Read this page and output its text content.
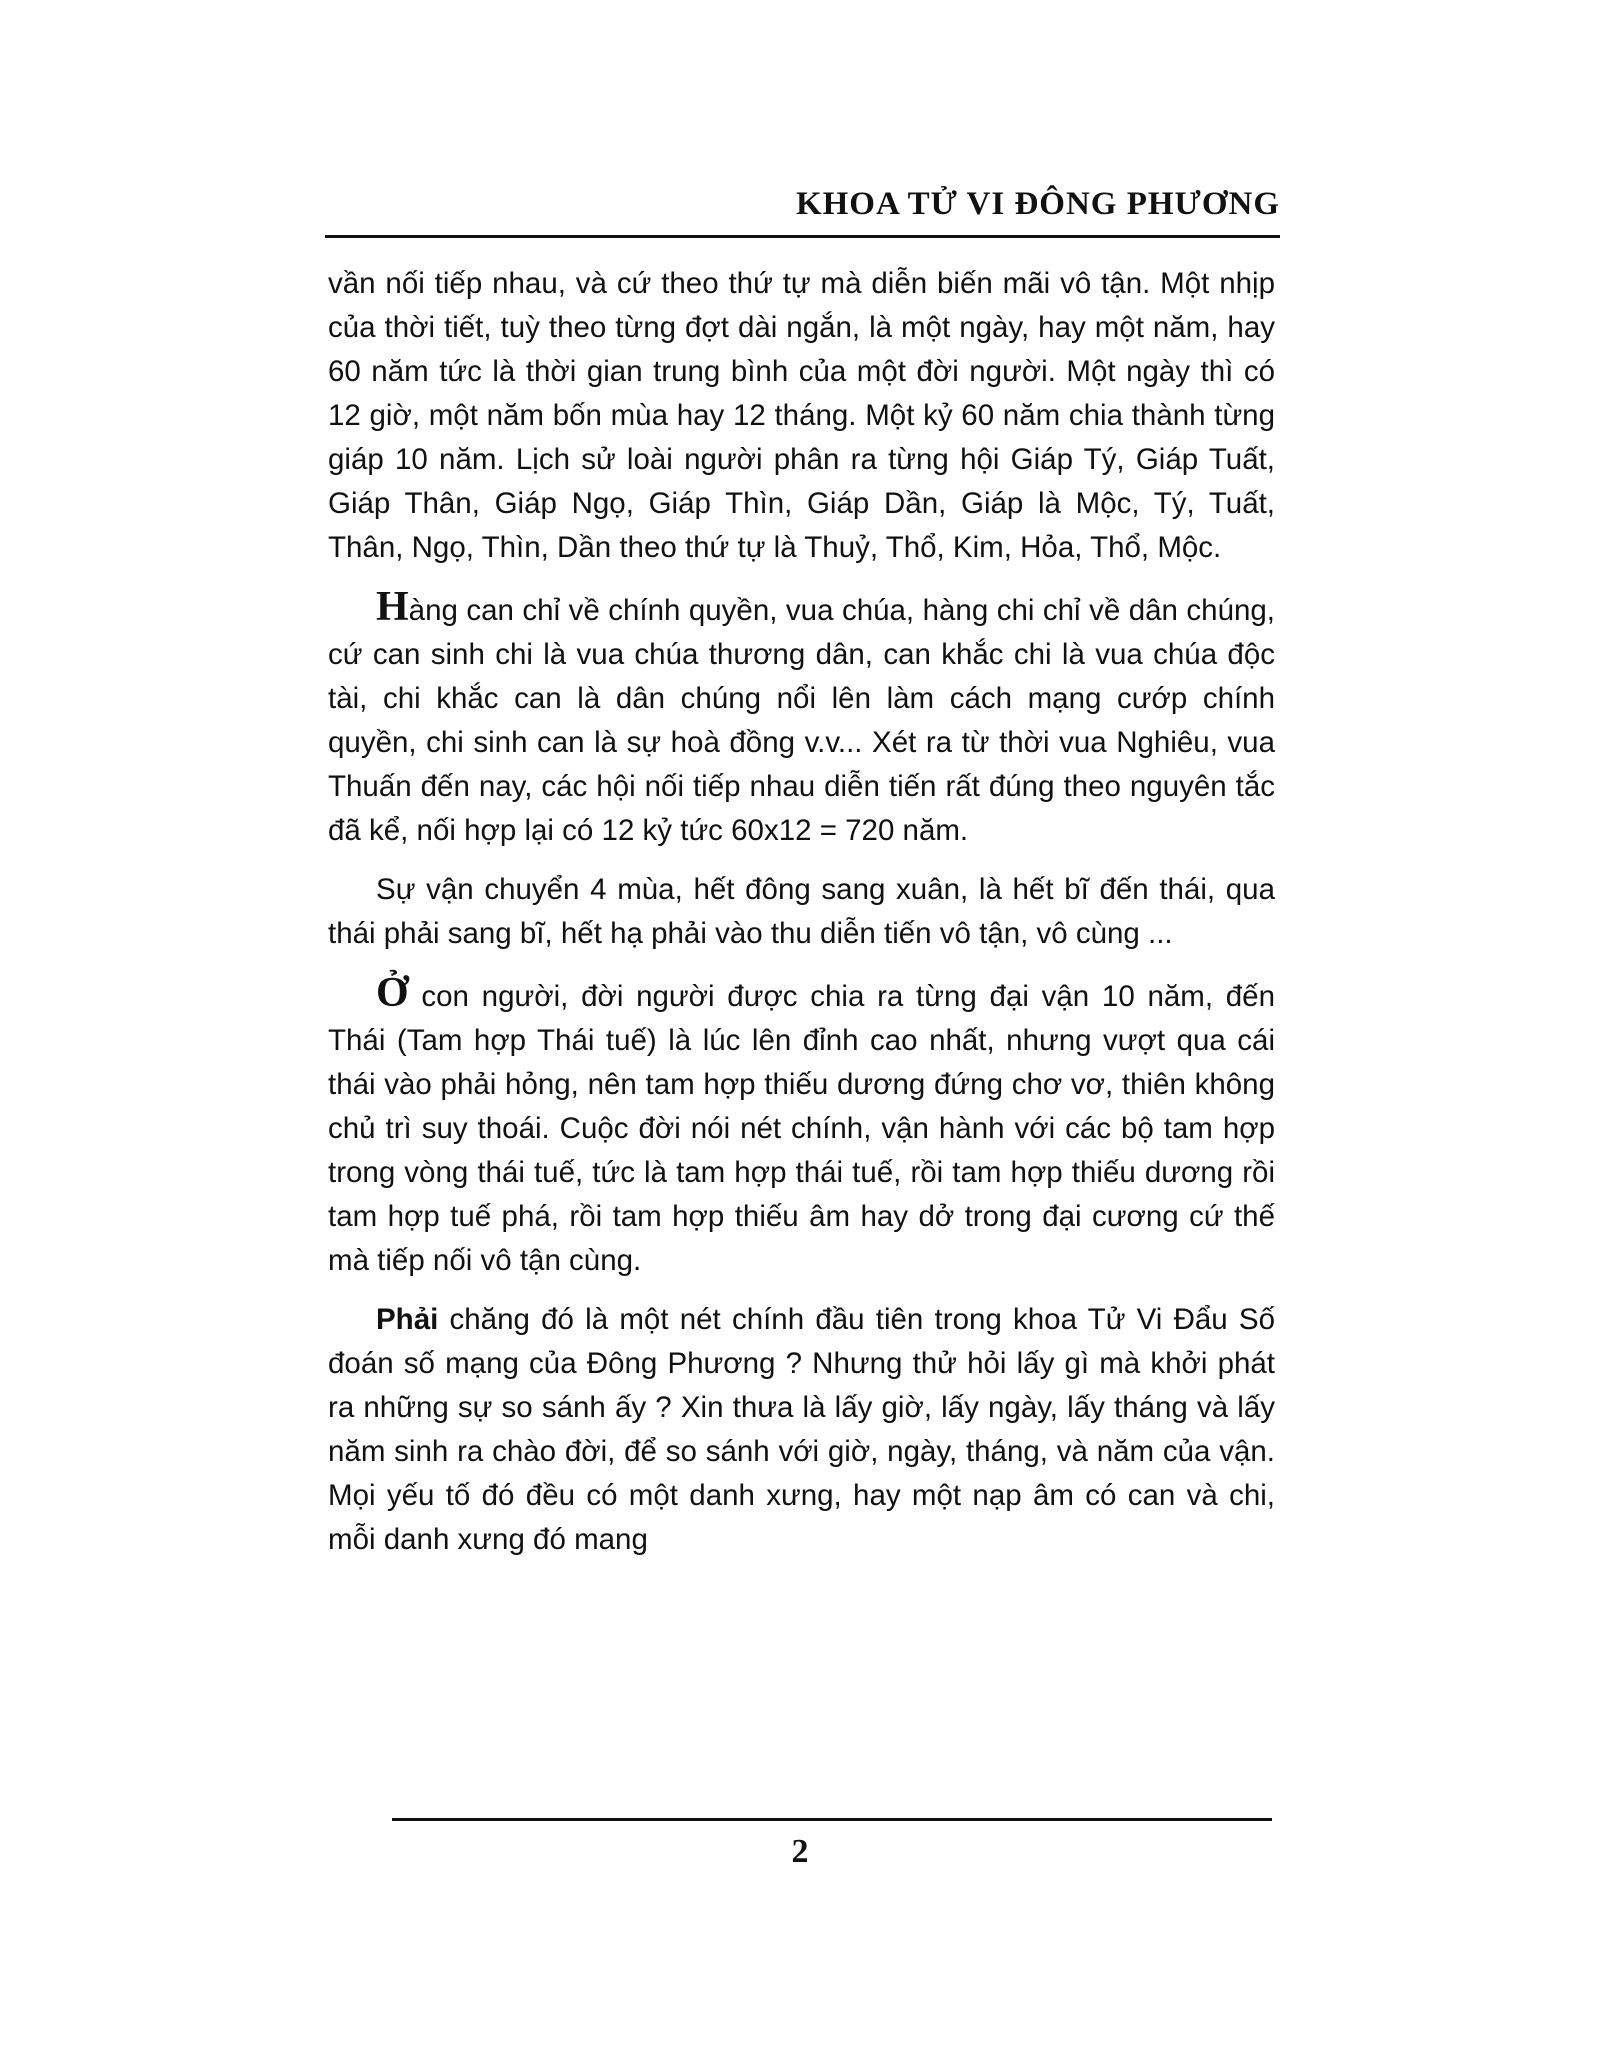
KHOA TỬ VI ĐÔNG PHƯƠNG

vần nối tiếp nhau, và cứ theo thứ tự mà diễn biến mãi vô tận. Một nhịp của thời tiết, tuỳ theo từng đợt dài ngắn, là một ngày, hay một năm, hay 60 năm tức là thời gian trung bình của một đời người. Một ngày thì có 12 giờ, một năm bốn mùa hay 12 tháng. Một kỷ 60 năm chia thành từng giáp 10 năm. Lịch sử loài người phân ra từng hội Giáp Tý, Giáp Tuất, Giáp Thân, Giáp Ngọ, Giáp Thìn, Giáp Dần, Giáp là Mộc, Tý, Tuất, Thân, Ngọ, Thìn, Dần theo thứ tự là Thuỷ, Thổ, Kim, Hỏa, Thổ, Mộc.

Hàng can chỉ về chính quyền, vua chúa, hàng chi chỉ về dân chúng, cứ can sinh chi là vua chúa thương dân, can khắc chi là vua chúa độc tài, chi khắc can là dân chúng nổi lên làm cách mạng cướp chính quyền, chi sinh can là sự hoà đồng v.v... Xét ra từ thời vua Nghiêu, vua Thuấn đến nay, các hội nối tiếp nhau diễn tiến rất đúng theo nguyên tắc đã kể, nối hợp lại có 12 kỷ tức 60x12 = 720 năm.

Sự vận chuyển 4 mùa, hết đông sang xuân, là hết bĩ đến thái, qua thái phải sang bĩ, hết hạ phải vào thu diễn tiến vô tận, vô cùng ...

Ở con người, đời người được chia ra từng đại vận 10 năm, đến Thái (Tam hợp Thái tuế) là lúc lên đỉnh cao nhất, nhưng vượt qua cái thái vào phải hỏng, nên tam hợp thiếu dương đứng chơ vơ, thiên không chủ trì suy thoái. Cuộc đời nói nét chính, vận hành với các bộ tam hợp trong vòng thái tuế, tức là tam hợp thái tuế, rồi tam hợp thiếu dương rồi tam hợp tuế phá, rồi tam hợp thiếu âm hay dở trong đại cương cứ thế mà tiếp nối vô tận cùng.

Phải chăng đó là một nét chính đầu tiên trong khoa Tử Vi Đẩu Số đoán số mạng của Đông Phương ? Nhưng thử hỏi lấy gì mà khởi phát ra những sự so sánh ấy ? Xin thưa là lấy giờ, lấy ngày, lấy tháng và lấy năm sinh ra chào đời, để so sánh với giờ, ngày, tháng, và năm của vận. Mọi yếu tố đó đều có một danh xưng, hay một nạp âm có can và chi, mỗi danh xưng đó mang

2
